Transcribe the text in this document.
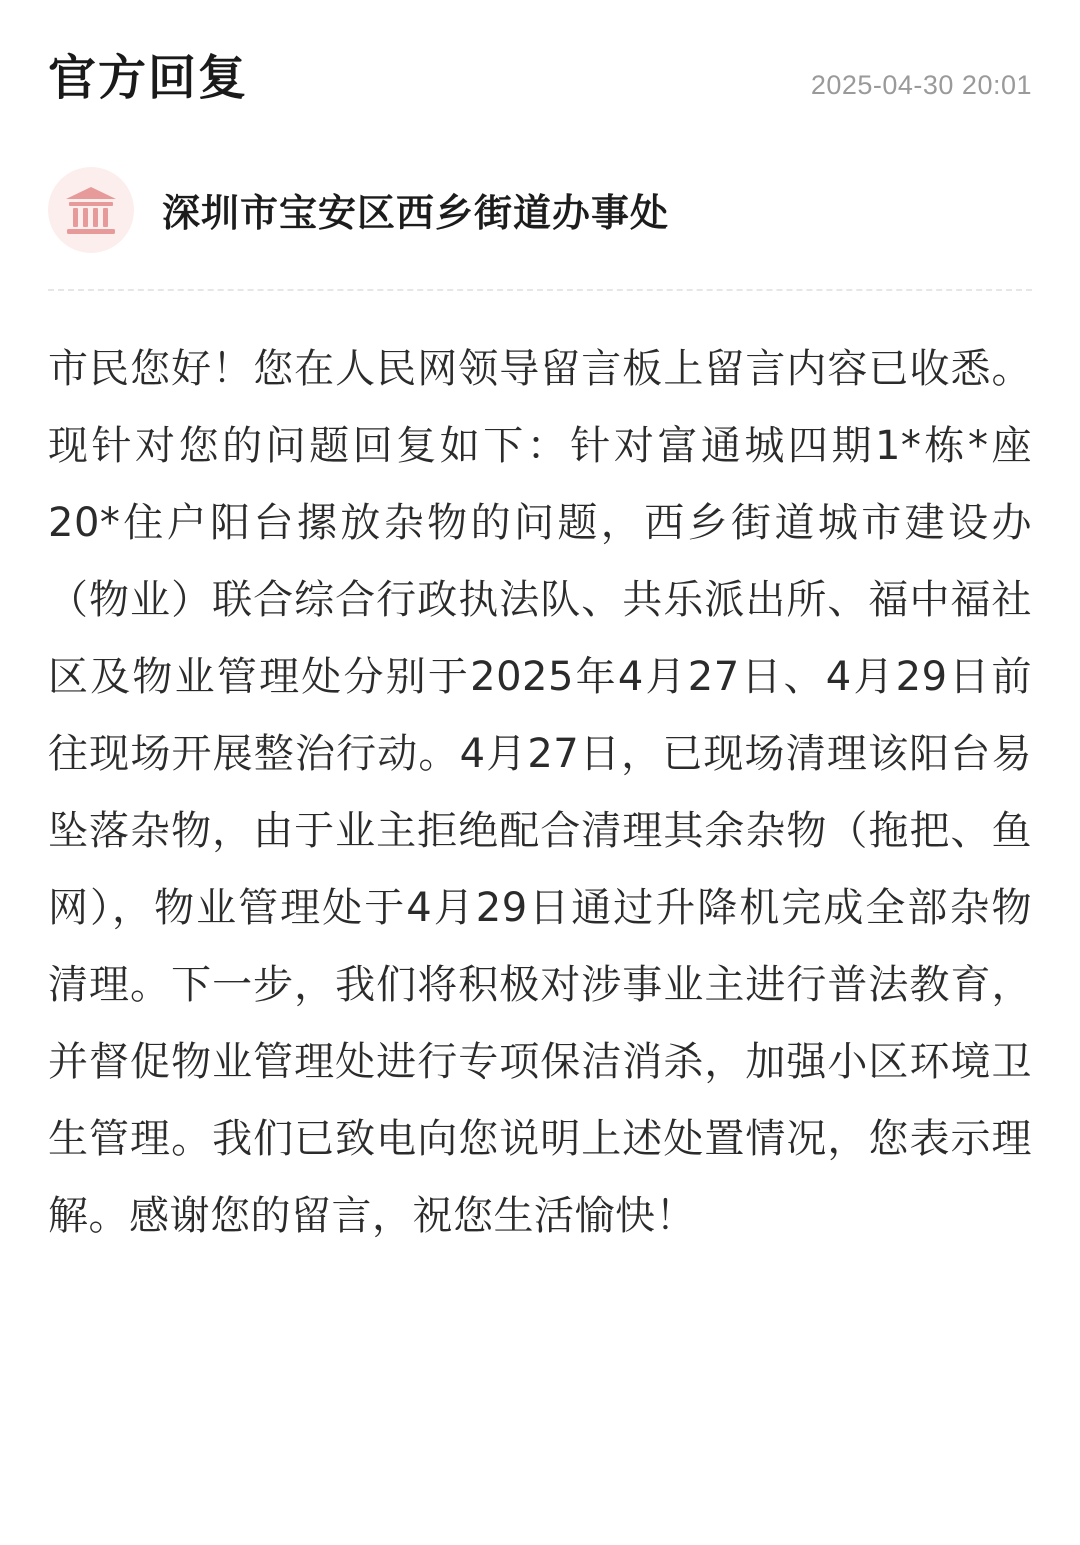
官方回复	2025-04-30 20:01
深圳市宝安区西乡街道办事处
市民您好！您在人民网领导留言板上留言内容已收悉。现针对您的问题回复如下：针对富通城四期1*栋*座20*住户阳台摞放杂物的问题，西乡街道城市建设办（物业）联合综合行政执法队、共乐派出所、福中福社区及物业管理处分别于2025年4月27日、4月29日前往现场开展整治行动。4月27日，已现场清理该阳台易坠落杂物，由于业主拒绝配合清理其余杂物（拖把、鱼网），物业管理处于4月29日通过升降机完成全部杂物清理。下一步，我们将积极对涉事业主进行普法教育，并督促物业管理处进行专项保洁消杀，加强小区环境卫生管理。我们已致电向您说明上述处置情况，您表示理解。感谢您的留言，祝您生活愉快！
